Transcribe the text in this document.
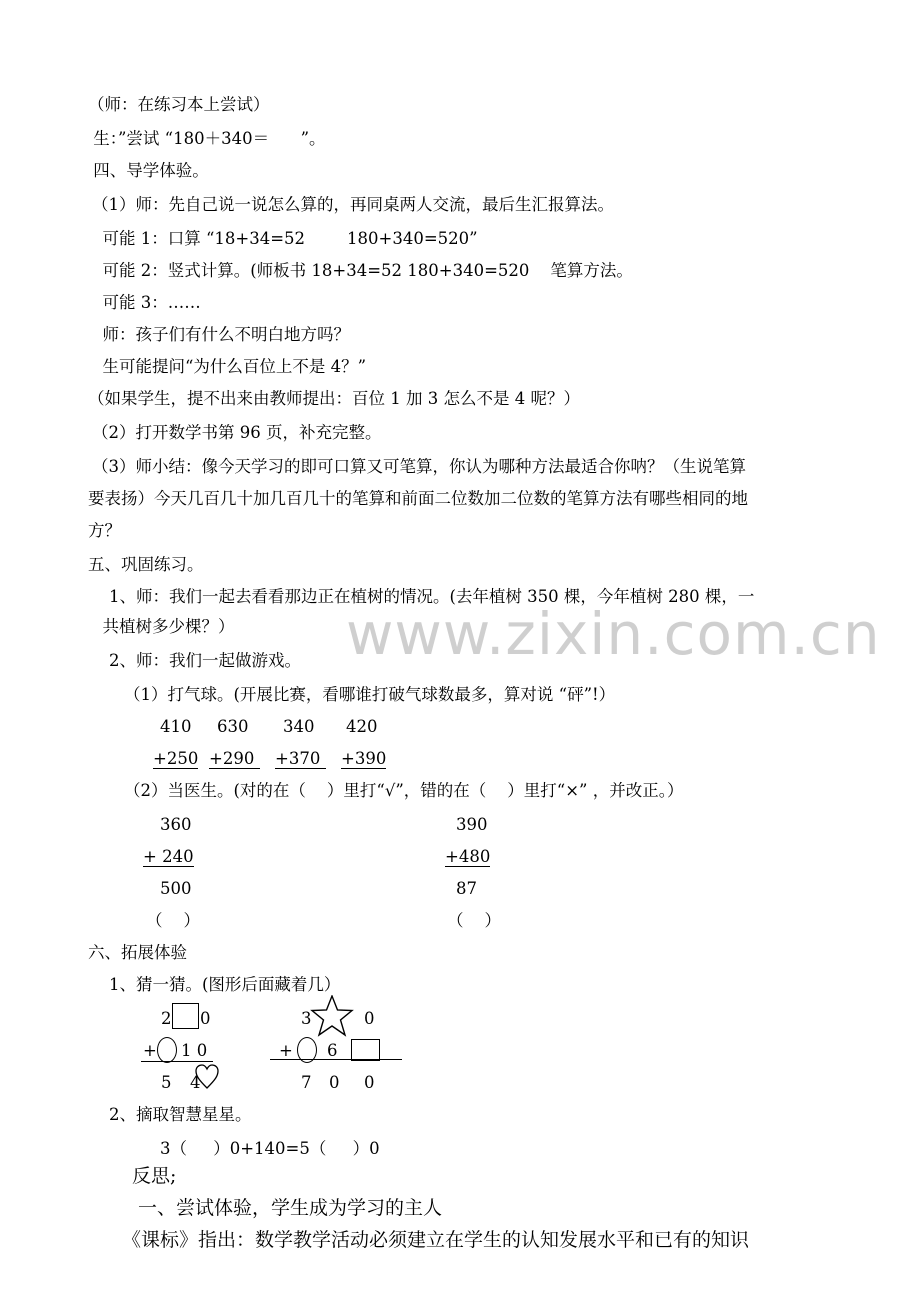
www.zixin.com.cn
（师：在练习本上尝试）
生：”尝试 “180＋340＝      ”。
四、导学体验。
（1）师：先自己说一说怎么算的，再同桌两人交流，最后生汇报算法。
可能 1：口算 “18+34=52        180+340=520”
可能 2：竖式计算。(师板书 18+34=52 180+340=520    笔算方法。
可能 3：……
师：孩子们有什么不明白地方吗？
生可能提问“为什么百位上不是 4？”
（如果学生，提不出来由教师提出：百位 1 加 3 怎么不是 4 呢？）
（2）打开数学书第 96 页，补充完整。
（3）师小结：像今天学习的即可口算又可笔算，你认为哪种方法最适合你呐？（生说笔算
要表扬）今天几百几十加几百几十的笔算和前面二位数加二位数的笔算方法有哪些相同的地
方？
五、巩固练习。
1、师：我们一起去看看那边正在植树的情况。(去年植树 350 棵，今年植树 280 棵，一
共植树多少棵？）
2、师：我们一起做游戏。
（1）打气球。(开展比赛，看哪谁打破气球数最多，算对说 “砰”!）
410 630 340 420
+250 +290 +370 +390
（2）当医生。(对的在（    ）里打“√”，错的在（    ）里打“×” ，并改正。）
360
+ 240
500
（    ）
390
+480
87
（    ）
六、拓展体验
1、猜一猜。(图形后面藏着几）
2 0
+ 1 0
5 4
3	0
+ 6
7 0 0
2、摘取智慧星星。
3（     ）0+140=5（     ）0
反思;
一、尝试体验，学生成为学习的主人
《课标》指出：数学教学活动必须建立在学生的认知发展水平和已有的知识
